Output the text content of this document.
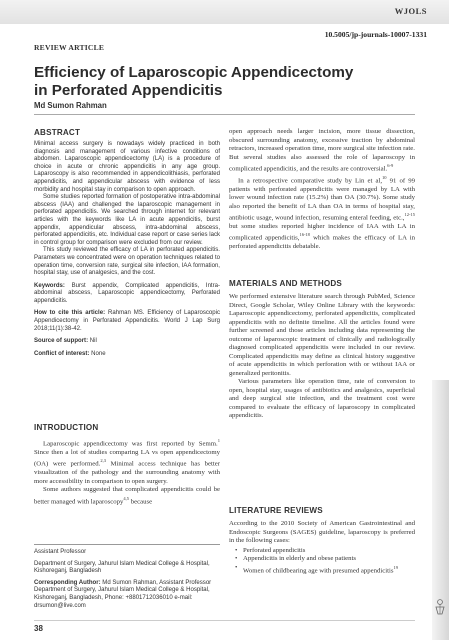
WJOLS
10.5005/jp-journals-10007-1331
REVIEW ARTICLE
Efficiency of Laparoscopic Appendicectomy
in Perforated Appendicitis
Md Sumon Rahman
ABSTRACT

Minimal access surgery is nowadays widely practiced in both diagnosis and management of various infective conditions of abdomen. Laparoscopic appendicectomy (LA) is a procedure of choice in acute or chronic appendicitis in any age group. Laparoscopy is also recommended in appendicolithiasis, perforated appendicitis, and appendicular abscess with evidence of less morbidity and hospital stay in comparison to open approach.

Some studies reported formation of postoperative intra-abdominal abscess (IAA) and challenged the laparoscopic management in perforated appendicitis. We searched through internet for relevant articles with the keywords like LA in acute appendicitis, burst appendix, appendicular abscess, intra-abdominal abscess, perforated appendicitis, etc. Individual case report or case series lack in control group for comparison were excluded from our review.

This study reviewed the efficacy of LA in perforated appendicitis. Parameters we concentrated were on operation techniques related to operation time, conversion rate, surgical site infection, IAA formation, hospital stay, use of analgesics, and the cost.

Keywords: Burst appendix, Complicated appendicitis, Intra-abdominal abscess, Laparoscopic appendicectomy, Perforated appendicitis.

How to cite this article: Rahman MS. Efficiency of Laparoscopic Appendicectomy in Perforated Appendicitis. World J Lap Surg 2018;11(1):38-42.

Source of support: Nil

Conflict of interest: None

INTRODUCTION

Laparoscopic appendicectomy was first reported by Semm.$^1$ Since then a lot of studies comparing LA vs open appendicectomy (OA) were performed.$^{2,3}$ Minimal access technique has better visualization of the pathology and the surrounding anatomy with more accessibility in comparison to open surgery.

Some authors suggested that complicated appendicitis could be better managed with laparoscopy$^{4,5}$ because

Assistant Professor

Department of Surgery, Jahurul Islam Medical College & Hospital, Kishoreganj, Bangladesh

Corresponding Author: Md Sumon Rahman, Assistant Professor Department of Surgery, Jahurul Islam Medical College & Hospital, Kishoreganj, Bangladesh, Phone: +8801712036010 e-mail: drsumon@live.com

open approach needs larger incision, more tissue dissection, obscured surrounding anatomy, excessive traction by abdominal retractors, increased operation time, more surgical site infection rate. But several studies also assessed the role of laparoscopy in complicated appendicitis, and the results are controversial.$^{6-9}$

In a retrospective comparative study by Lin et al,$^{10}$ 91 of 99 patients with perforated appendicitis were managed by LA with lower wound infection rate (15.2%) than OA (30.7%). Some study also reported the benefit of LA than OA in terms of hospital stay, antibiotic usage, wound infection, resuming enteral feeding, etc.,$^{12-15}$ but some studies reported higher incidence of IAA with LA in complicated appendicitis,$^{16-18}$ which makes the efficacy of LA in perforated appendicitis debatable.

MATERIALS AND METHODS

We performed extensive literature search through PubMed, Science Direct, Google Scholar, Wiley Online Library with the keywords: Laparoscopic appendicectomy, perforated appendicitis, complicated appendicitis with no definite timeline. All the articles found were further screened and those articles including data representing the outcome of laparoscopic treatment of clinically and radiologically diagnosed complicated appendicitis were included in our review. Complicated appendicitis may define as clinical history suggestive of acute appendicitis in which perforation with or without IAA or generalized peritonitis.

Various parameters like operation time, rate of conversion to open, hospital stay, usages of antibiotics and analgesics, superficial and deep surgical site infection, and the treatment cost were compared to evaluate the efficacy of laparoscopy in complicated appendicitis.

LITERATURE REVIEWS

According to the 2010 Society of American Gastrointestinal and Endoscopic Surgeons (SAGES) guideline, laparoscopy is preferred in the following cases:

• Perforated appendicitis
• Appendicitis in elderly and obese patients
• Women of childbearing age with presumed appendicitis$^{19}$
38
